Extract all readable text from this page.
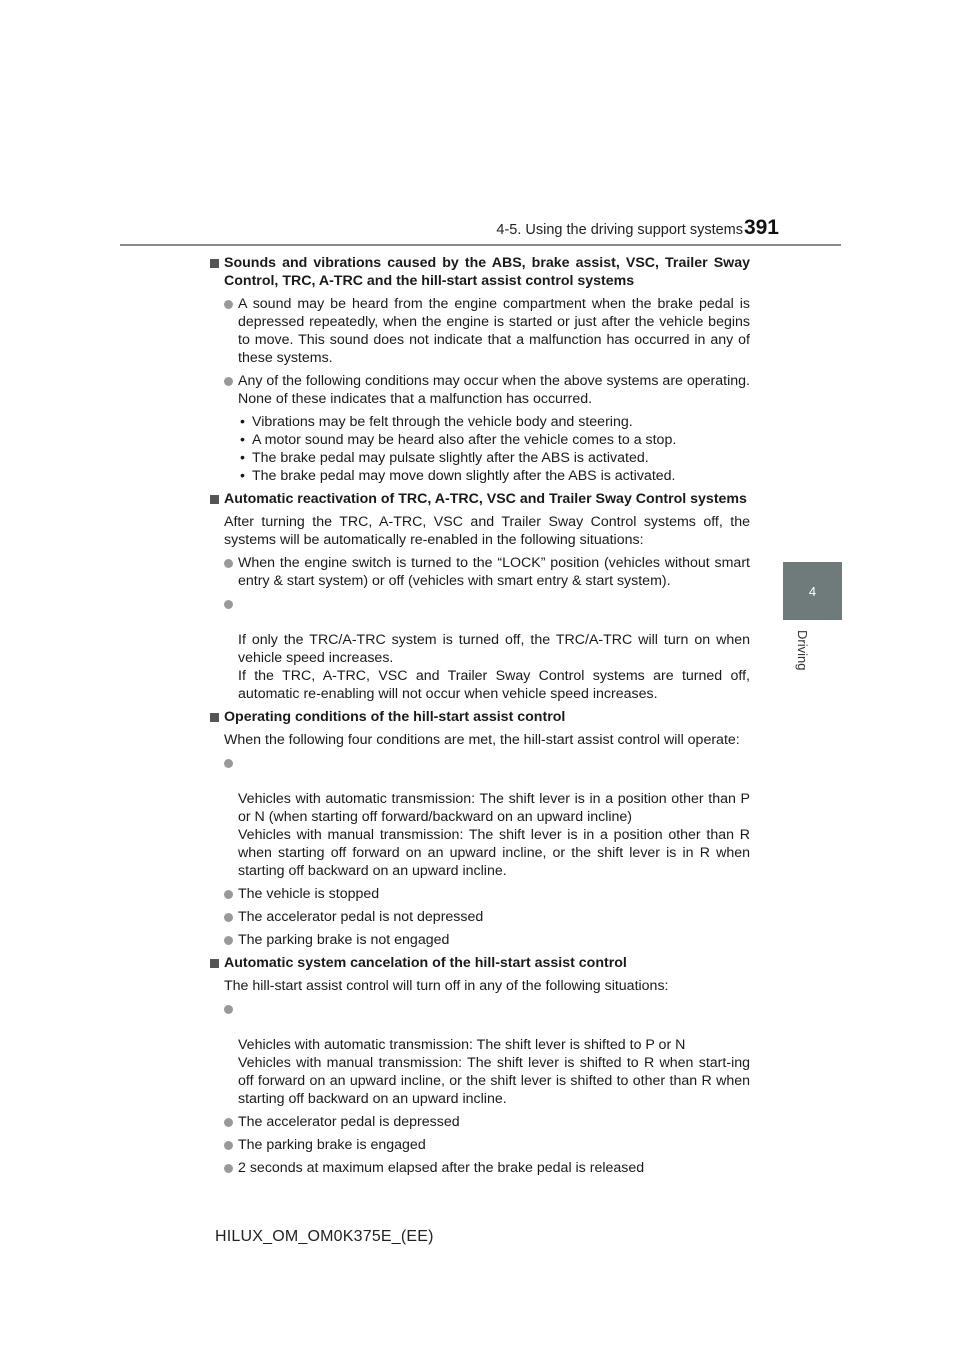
4-5. Using the driving support systems 391
4
Driving
Sounds and vibrations caused by the ABS, brake assist, VSC, Trailer Sway Control, TRC, A-TRC and the hill-start assist control systems
A sound may be heard from the engine compartment when the brake pedal is depressed repeatedly, when the engine is started or just after the vehicle begins to move. This sound does not indicate that a malfunction has occurred in any of these systems.
Any of the following conditions may occur when the above systems are operating. None of these indicates that a malfunction has occurred.
• Vibrations may be felt through the vehicle body and steering.
• A motor sound may be heard also after the vehicle comes to a stop.
• The brake pedal may pulsate slightly after the ABS is activated.
• The brake pedal may move down slightly after the ABS is activated.
Automatic reactivation of TRC, A-TRC, VSC and Trailer Sway Control systems
After turning the TRC, A-TRC, VSC and Trailer Sway Control systems off, the systems will be automatically re-enabled in the following situations:
When the engine switch is turned to the “LOCK” position (vehicles without smart entry & start system) or off (vehicles with smart entry & start system).

If only the TRC/A-TRC system is turned off, the TRC/A-TRC will turn on when vehicle speed increases.
If the TRC, A-TRC, VSC and Trailer Sway Control systems are turned off, automatic re-enabling will not occur when vehicle speed increases.

Operating conditions of the hill-start assist control
When the following four conditions are met, the hill-start assist control will operate:

Vehicles with automatic transmission: The shift lever is in a position other than P or N (when starting off forward/backward on an upward incline)
Vehicles with manual transmission: The shift lever is in a position other than R when starting off forward on an upward incline, or the shift lever is in R when starting off backward on an upward incline.

The vehicle is stopped
The accelerator pedal is not depressed
The parking brake is not engaged
Automatic system cancelation of the hill-start assist control
The hill-start assist control will turn off in any of the following situations:

Vehicles with automatic transmission: The shift lever is shifted to P or N
Vehicles with manual transmission: The shift lever is shifted to R when start-ing off forward on an upward incline, or the shift lever is shifted to other than R when starting off backward on an upward incline.

The accelerator pedal is depressed
The parking brake is engaged
2 seconds at maximum elapsed after the brake pedal is released
HILUX_OM_OM0K375E_(EE)
